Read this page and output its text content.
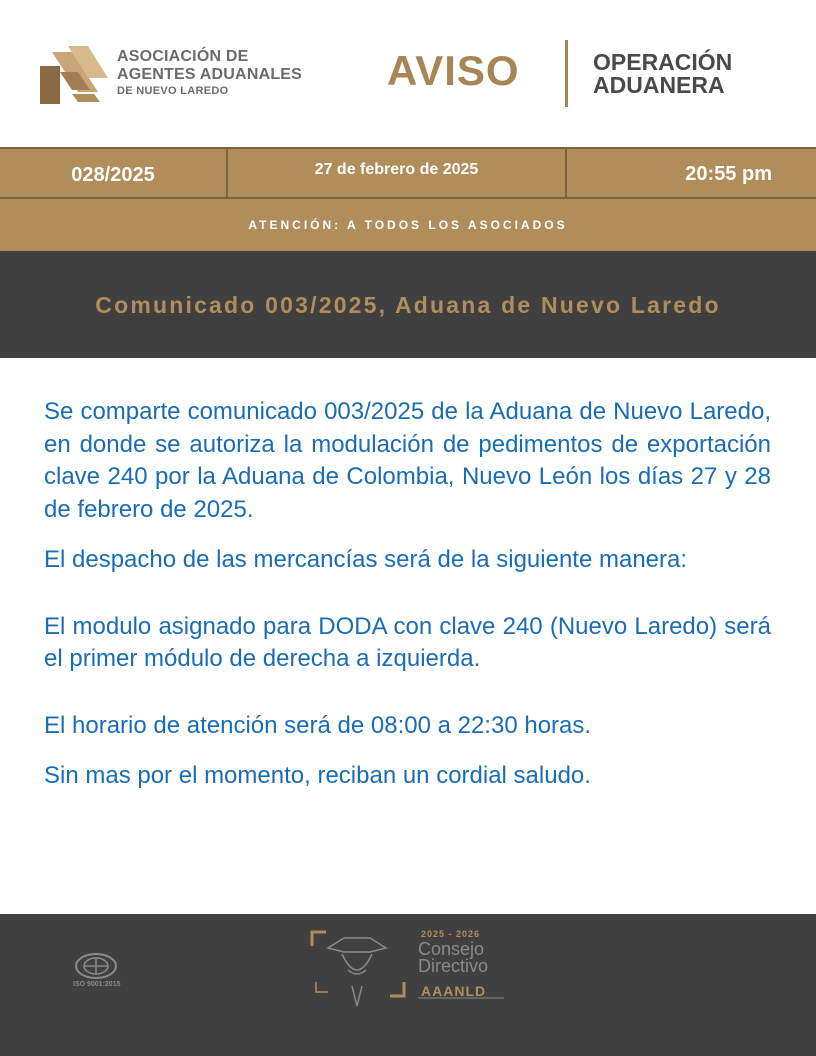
ASOCIACIÓN DE
AGENTES ADUANALES
DE NUEVO LAREDO	AVISO	OPERACIÓN
ADUANERA
028/2025	27 de febrero de 2025	20:55 pm
ATENCIÓN: A TODOS LOS ASOCIADOS
Comunicado 003/2025, Aduana de Nuevo Laredo

Se comparte comunicado 003/2025 de la Aduana de Nuevo Laredo, en donde se autoriza la modulación de pedimentos de exportación clave 240 por la Aduana de Colombia, Nuevo León los días 27 y 28 de febrero de 2025.

El despacho de las mercancías será de la siguiente manera:

El modulo asignado para DODA con clave 240 (Nuevo Laredo) será el primer módulo de derecha a izquierda.

El horario de atención será de 08:00 a 22:30 horas.

Sin mas por el momento, reciban un cordial saludo.

ISO 9001:2015
2025 - 2026
Consejo
Directivo
AAANLD
